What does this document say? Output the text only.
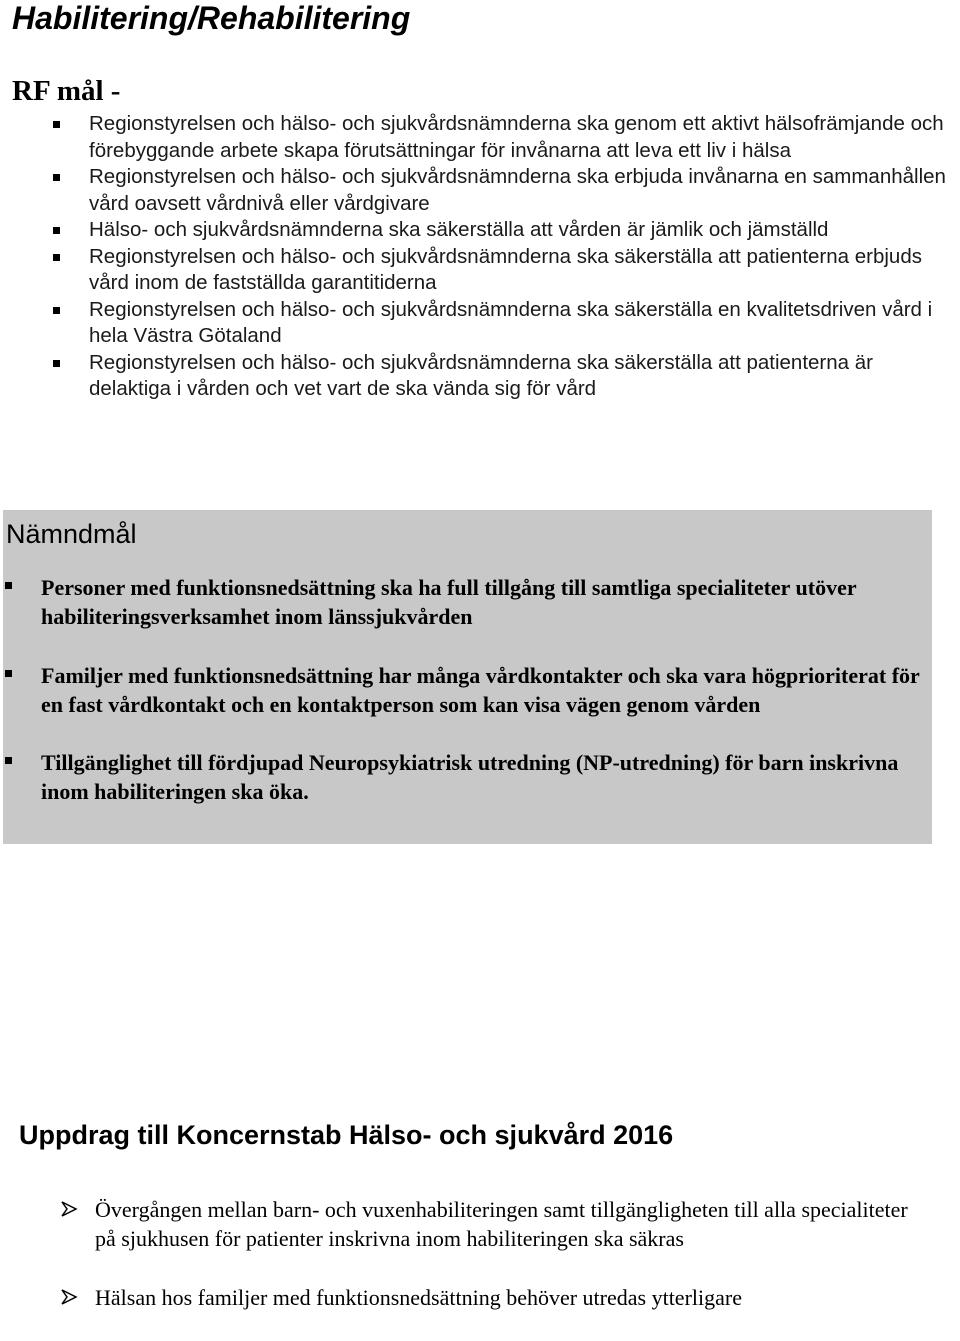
Habilitering/Rehabilitering
RF mål -
Regionstyrelsen och hälso- och sjukvårdsnämnderna ska genom ett aktivt hälsofrämjande och förebyggande arbete skapa förutsättningar för invånarna att leva ett liv i hälsa
Regionstyrelsen och hälso- och sjukvårdsnämnderna ska erbjuda invånarna en sammanhållen vård oavsett vårdnivå eller vårdgivare
Hälso- och sjukvårdsnämnderna ska säkerställa att vården är jämlik och jämställd
Regionstyrelsen och hälso- och sjukvårdsnämnderna ska säkerställa att patienterna erbjuds vård inom de fastställda garantitiderna
Regionstyrelsen och hälso- och sjukvårdsnämnderna ska säkerställa en kvalitetsdriven vård i hela Västra Götaland
Regionstyrelsen och hälso- och sjukvårdsnämnderna ska säkerställa att patienterna är delaktiga i vården och vet vart de ska vända sig för vård
Nämndmål
Personer med funktionsnedsättning ska ha full tillgång till samtliga specialiteter utöver habiliteringsverksamhet inom länssjukvården
Familjer med funktionsnedsättning har många vårdkontakter och ska vara högprioriterat för en fast vårdkontakt och en kontaktperson som kan visa vägen genom vården
Tillgänglighet till fördjupad Neuropsykiatrisk utredning (NP-utredning) för barn inskrivna inom habiliteringen ska öka.
Uppdrag till Koncernstab Hälso- och sjukvård 2016
Övergången mellan barn- och vuxenhabiliteringen samt tillgängligheten till alla specialiteter på sjukhusen för patienter inskrivna inom habiliteringen ska säkras
Hälsan hos familjer med funktionsnedsättning behöver utredas ytterligare
